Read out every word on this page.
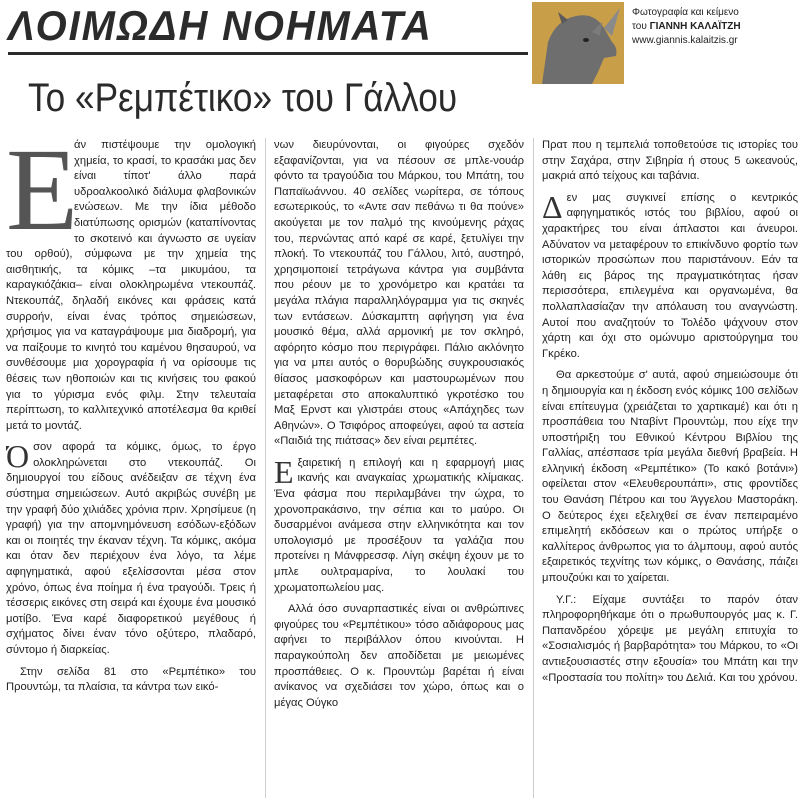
ΛΟΙΜΩΔΗ ΝΟΗΜΑΤΑ	Φωτογραφία και κείμενο
του ΓΙΑΝΝΗ ΚΑΛΑΪΤΖΗ
www.giannis.kalaitzis.gr
Το «Ρεμπέτικο» του Γάλλου

Ε
άν πιστέψουμε την ομολογική χημεία, το κρασί, το κρασάκι μας δεν είναι τίποτ' άλλο παρά υδροαλκοολικό διάλυμα φλαβονικών ενώσεων. Με την ίδια μέθοδο διατύπωσης ορισμών (καταπίνοντας το σκοτεινό και άγνωστο σε υγείαν του ορθού), σύμφωνα με την χημεία της αισθητικής, τα κόμικς –τα μικυμάου, τα καραγκιόζάκια– είναι ολοκληρωμένα ντεκουπάζ. Ντεκουπάζ, δηλαδή εικόνες και φράσεις κατά συρροήν, είναι ένας τρόπος σημειώσεων, χρήσιμος για να καταγράψουμε μια διαδρομή, για να παίξουμε το κινητό του καμένου θησαυρού, να συνθέσουμε μια χορογραφία ή να ορίσουμε τις θέσεις των ηθοποιών και τις κινήσεις του φακού για το γύρισμα ενός φιλμ. Στην τελευταία περίπτωση, το καλλιτεχνικό αποτέλεσμα θα κριθεί μετά το μοντάζ.

Ό σον αφορά τα κόμικς, όμως, το έργο ολοκληρώνεται στο ντεκουπάζ. Οι δημιουργοί του είδους ανέδειξαν σε τέχνη ένα σύστημα σημειώσεων. Αυτό ακριβώς συνέβη με την γραφή δύο χιλιάδες χρόνια πριν. Χρησίμευε (η γραφή) για την απομνημόνευση εσόδων-εξόδων και οι ποιητές την έκαναν τέχνη. Τα κόμικς, ακόμα και όταν δεν περιέχουν ένα λόγο, τα λέμε αφηγηματικά, αφού εξελίσσονται μέσα στον χρόνο, όπως ένα ποίημα ή ένα τραγούδι. Τρεις ή τέσσερις εικόνες στη σειρά και έχουμε ένα μουσικό μοτίβο. Ένα καρέ διαφορετικού μεγέθους ή σχήματος δίνει έναν τόνο οξύτερο, πλαδαρό, σύντομο ή διαρκείας.

Στην σελίδα 81 στο «Ρεμπέτικο» του Προυντώμ, τα πλαίσια, τα κάντρα των εικό-

νων διευρύνονται, οι φιγούρες σχεδόν εξαφανίζονται, για να πέσουν σε μπλε-νουάρ φόντο τα τραγούδια του Μάρκου, του Μπάτη, του Παπαϊωάννου. 40 σελίδες νωρίτερα, σε τόπους εσωτερικούς, το «Αντε σαν πεθάνω τι θα πούνε» ακούγεται με τον παλμό της κινούμενης ράχας του, περνώντας από καρέ σε καρέ, ξετυλίγει την πλοκή. Το ντεκουπάζ του Γάλλου, λιτό, αυστηρό, χρησιμοποιεί τετράγωνα κάντρα για συμβάντα που ρέουν με το χρονόμετρο και κρατάει τα μεγάλα πλάγια παραλληλόγραμμα για τις σκηνές των εντάσεων. Δύσκαμπτη αφήγηση για ένα μουσικό θέμα, αλλά αρμονική με τον σκληρό, αφόρητο κόσμο που περιγράφει. Πάλιο ακλόνητο για να μπει αυτός ο θορυβώδης συγκρουσιακός θίασος μασκοφόρων και μαστουρωμένων που μεταφέρεται στο αποκαλυπτικό γκροτέσκο του Μαξ Ερνστ και γλιστράει στους «Απάχηδες των Αθηνών». Ο Τσιφόρος αποφεύγει, αφού τα αστεία «Παιδιά της πιάτσας» δεν είναι ρεμπέτες.

Ε ξαιρετική η επιλογή και η εφαρμογή μιας ικανής και αναγκαίας χρωματικής κλίμακας. Ένα φάσμα που περιλαμβάνει την ώχρα, το χρονοπρακάσινο, την σέπια και το μαύρο. Οι δυσαρμένοι ανάμεσα στην ελληνικότητα και τον υπολογισμό με προσέξουν τα γαλάζια που προτείνει η Μάνφρεσσφ. Λίγη σκέψη έχουν με το μπλε ουλτραμαρίνα, το λουλακί του χρωματοπωλείου μας.

Αλλά όσο συναρπαστικές είναι οι ανθρώπινες φιγούρες του «Ρεμπέτικου» τόσο αδιάφορους μας αφήνει το περιβάλλον όπου κινούνται. Η παραγκούπολη δεν αποδίδεται με μειωμένες προσπάθειες. Ο κ. Προυντώμ βαρέται ή είναι ανίκανος να σχεδιάσει τον χώρο, όπως και ο μέγας Ούγκο

Πρατ που η τεμπελιά τοποθετούσε τις ιστορίες του στην Σαχάρα, στην Σιβηρία ή στους 5 ωκεανούς, μακριά από τείχους και ταβάνια.

Δ εν μας συγκινεί επίσης ο κεντρικός αφηγηματικός ιστός του βιβλίου, αφού οι χαρακτήρες του είναι άπλαστοι και άνευροι. Αδύνατον να μεταφέρουν το επικίνδυνο φορτίο των ιστορικών προσώπων που παριστάνουν. Εάν τα λάθη εις βάρος της πραγματικότητας ήσαν περισσότερα, επιλεγμένα και οργανωμένα, θα πολλαπλασίαζαν την απόλαυση του αναγνώστη. Αυτοί που αναζητούν το Τολέδο ψάχνουν στον χάρτη και όχι στο ομώνυμο αριστούργημα του Γκρέκο.

Θα αρκεστούμε σ' αυτά, αφού σημειώσουμε ότι η δημιουργία και η έκδοση ενός κόμικς 100 σελίδων είναι επίτευγμα (χρειάζεται το χαρτικαμέ) και ότι η προσπάθεια του Νταβίντ Προυντώμ, που είχε την υποστήριξη του Εθνικού Κέντρου Βιβλίου της Γαλλίας, απέσπασε τρία μεγάλα διεθνή βραβεία. Η ελληνική έκδοση «Ρεμπέτικο» (Το κακό βοτάνι») οφείλεται στον «Ελευθερουπάπι», στις φροντίδες του Θανάση Πέτρου και του Άγγελου Μαστοράκη. Ο δεύτερος έχει εξελιχθεί σε έναν πεπειραμένο επιμελητή εκδόσεων και ο πρώτος υπήρξε ο καλλίτερος άνθρωπος για το άλμπουμ, αφού αυτός εξαιρετικός τεχνίτης των κόμικς, ο Θανάσης, πάιζει μπουζούκι και το χαίρεται.

Υ.Γ.: Είχαμε συντάξει το παρόν όταν πληροφορηθήκαμε ότι ο πρωθυπουργός μας κ. Γ. Παπανδρέου χόρεψε με μεγάλη επιτυχία το «Σοσιαλισμός ή βαρβαρότητα» του Μάρκου, το «Οι αντιεξουσιαστές στην εξουσία» του Μπάτη και την «Προστασία του πολίτη» του Δελιά. Και του χρόνου.
